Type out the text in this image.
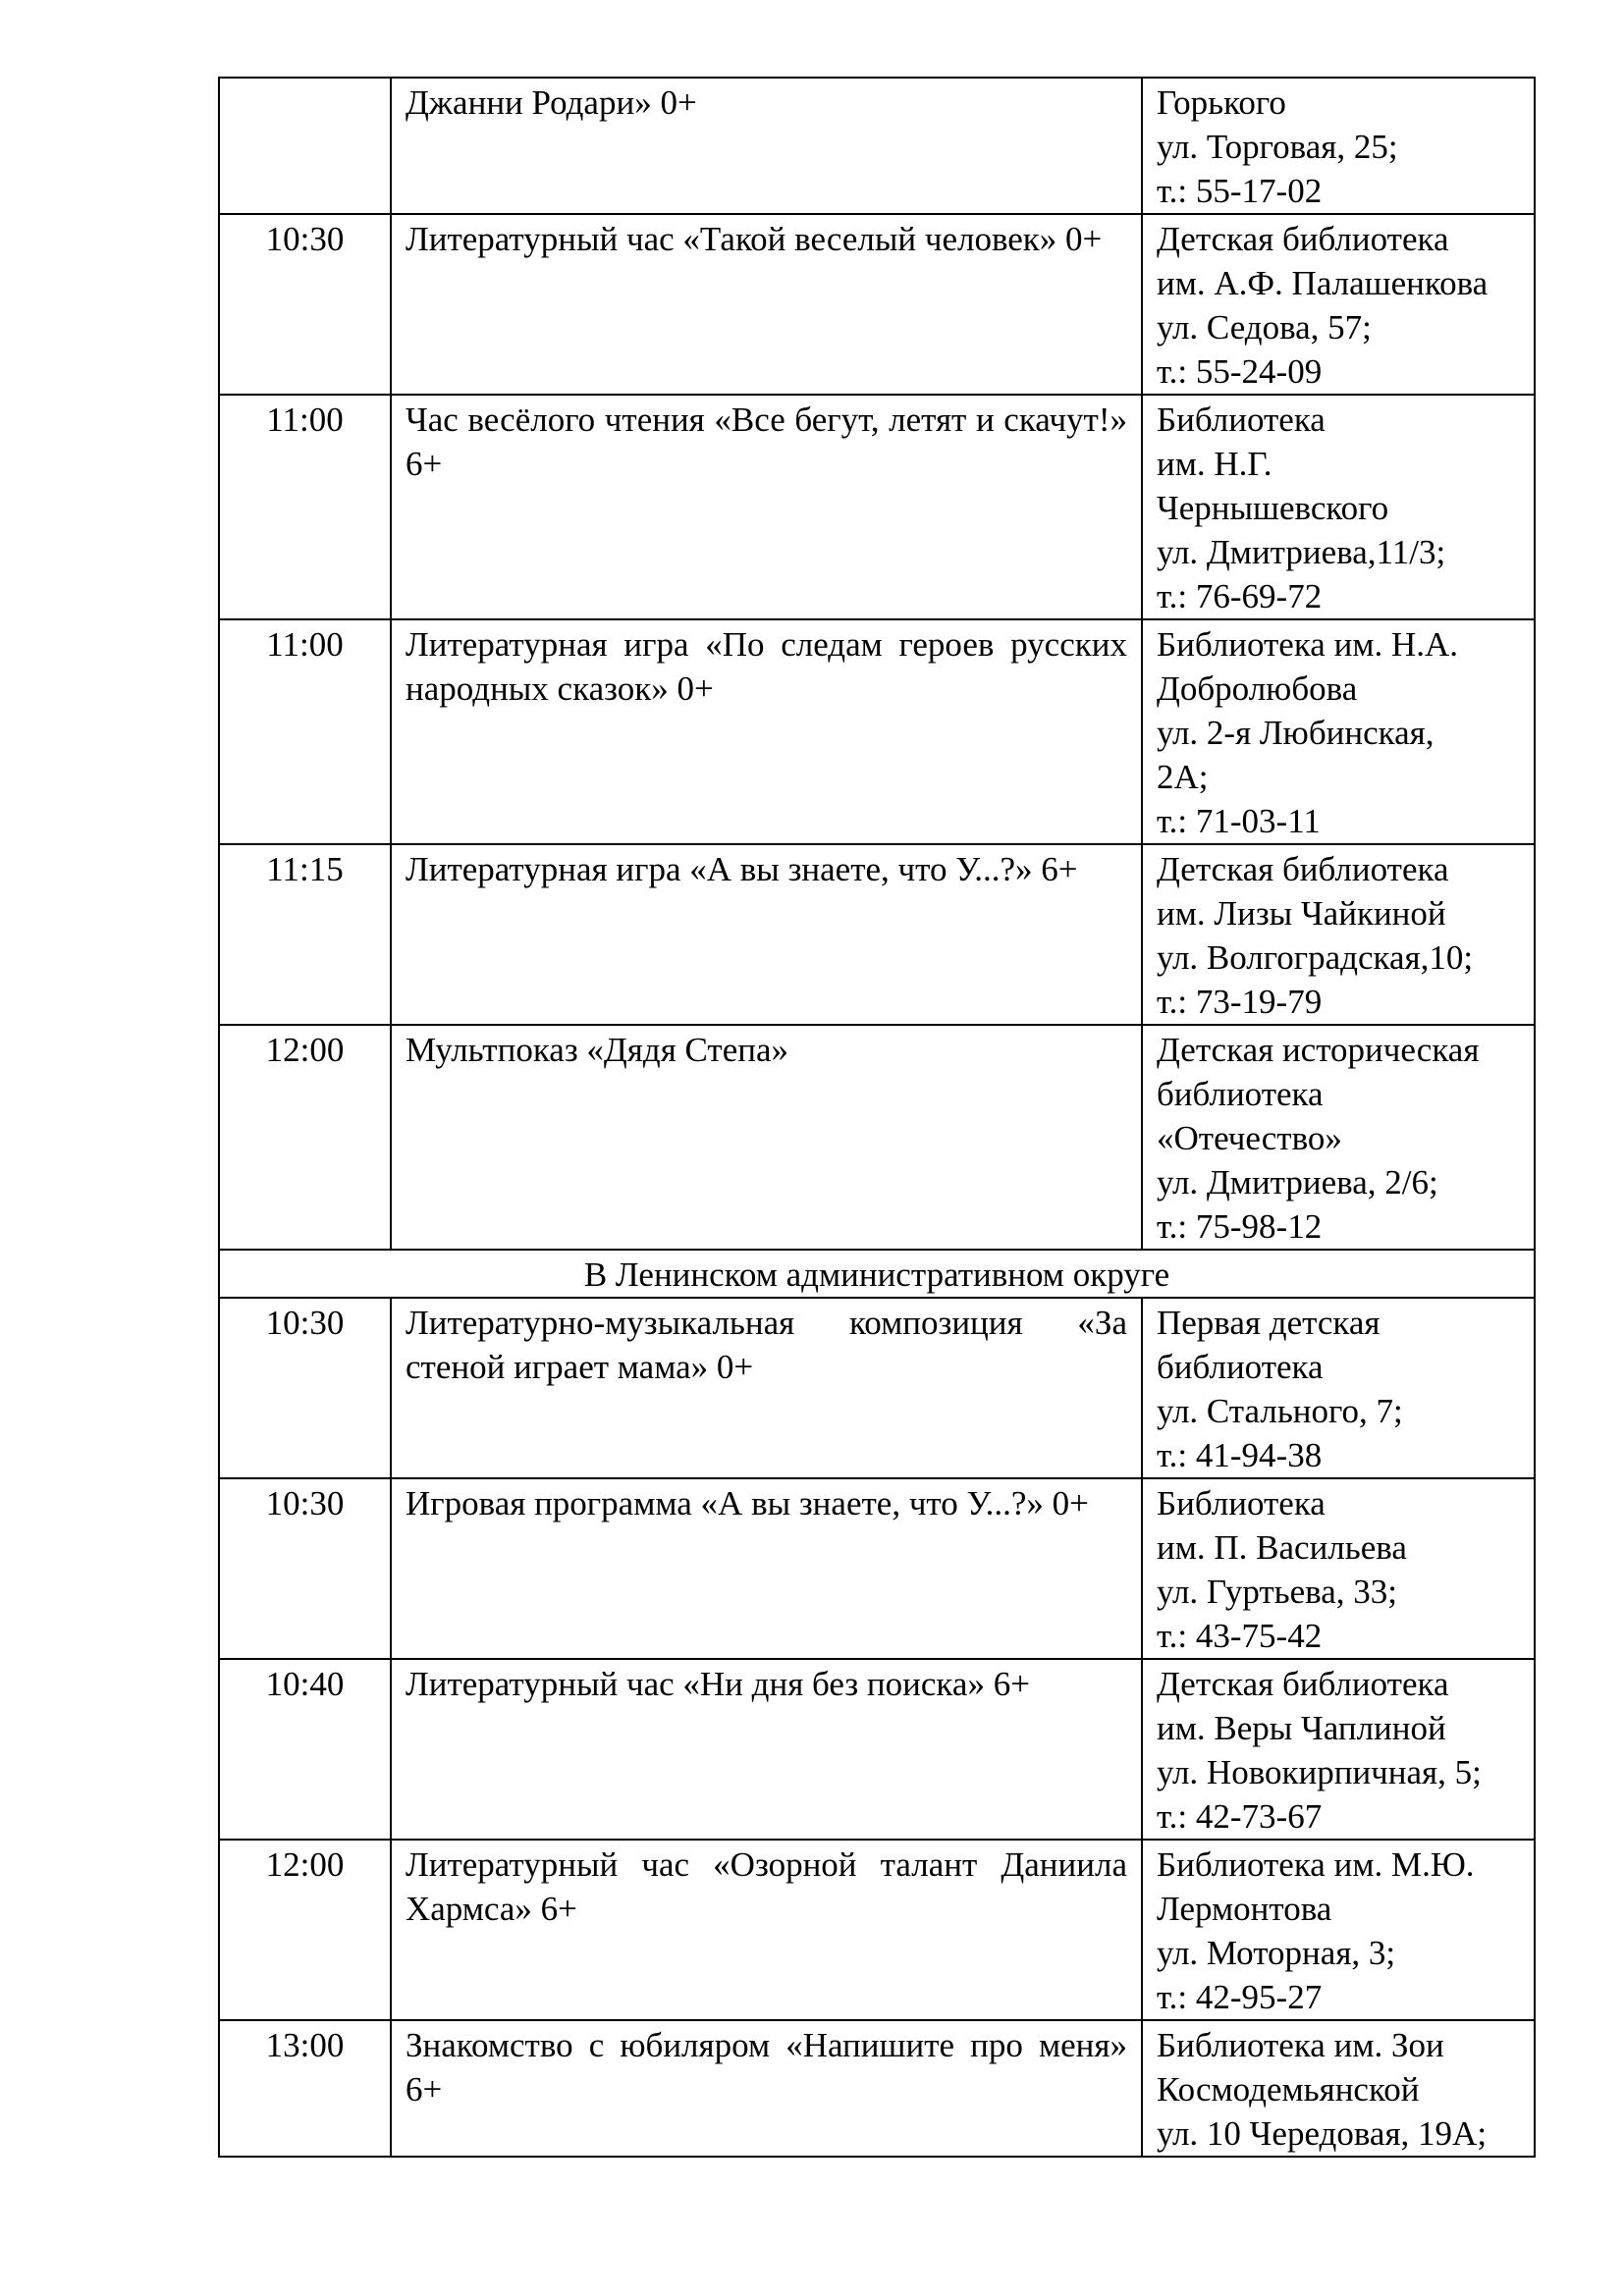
	Джанни Родари» 0+	Горького
ул. Торговая, 25;
т.: 55-17-02

10:30	Литературный час «Такой веселый человек» 0+	Детская библиотека
им. А.Ф. Палашенкова
ул. Седова, 57;
т.: 55-24-09

11:00	Час весёлого чтения «Все бегут, летят и скачут!» 6+	Библиотека
им. Н.Г.
Чернышевского
ул. Дмитриева,11/3;
т.: 76-69-72

11:00	Литературная игра «По следам героев русских народных сказок» 0+	Библиотека им. Н.А.
Добролюбова
ул. 2-я Любинская,
2А;
т.: 71-03-11

11:15	Литературная игра «А вы знаете, что У...?» 6+	Детская библиотека
им. Лизы Чайкиной
ул. Волгоградская,10;
т.: 73-19-79

12:00	Мультпоказ «Дядя Степа»	Детская историческая
библиотека
«Отечество»
ул. Дмитриева, 2/6;
т.: 75-98-12

В Ленинском административном округе		
10:30	Литературно-музыкальная композиция «За стеной играет мама» 0+	Первая детская
библиотека
ул. Стального, 7;
т.: 41-94-38

10:30	Игровая программа «А вы знаете, что У...?» 0+	Библиотека
им. П. Васильева
ул. Гуртьева, 33;
т.: 43-75-42

10:40	Литературный час «Ни дня без поиска» 6+	Детская библиотека
им. Веры Чаплиной
ул. Новокирпичная, 5;
т.: 42-73-67

12:00	Литературный час «Озорной талант Даниила Хармса» 6+	Библиотека им. М.Ю.
Лермонтова
ул. Моторная, 3;
т.: 42-95-27

13:00	Знакомство с юбиляром «Напишите про меня» 6+	Библиотека им. Зои
Космодемьянской
ул. 10 Чередовая, 19А;
